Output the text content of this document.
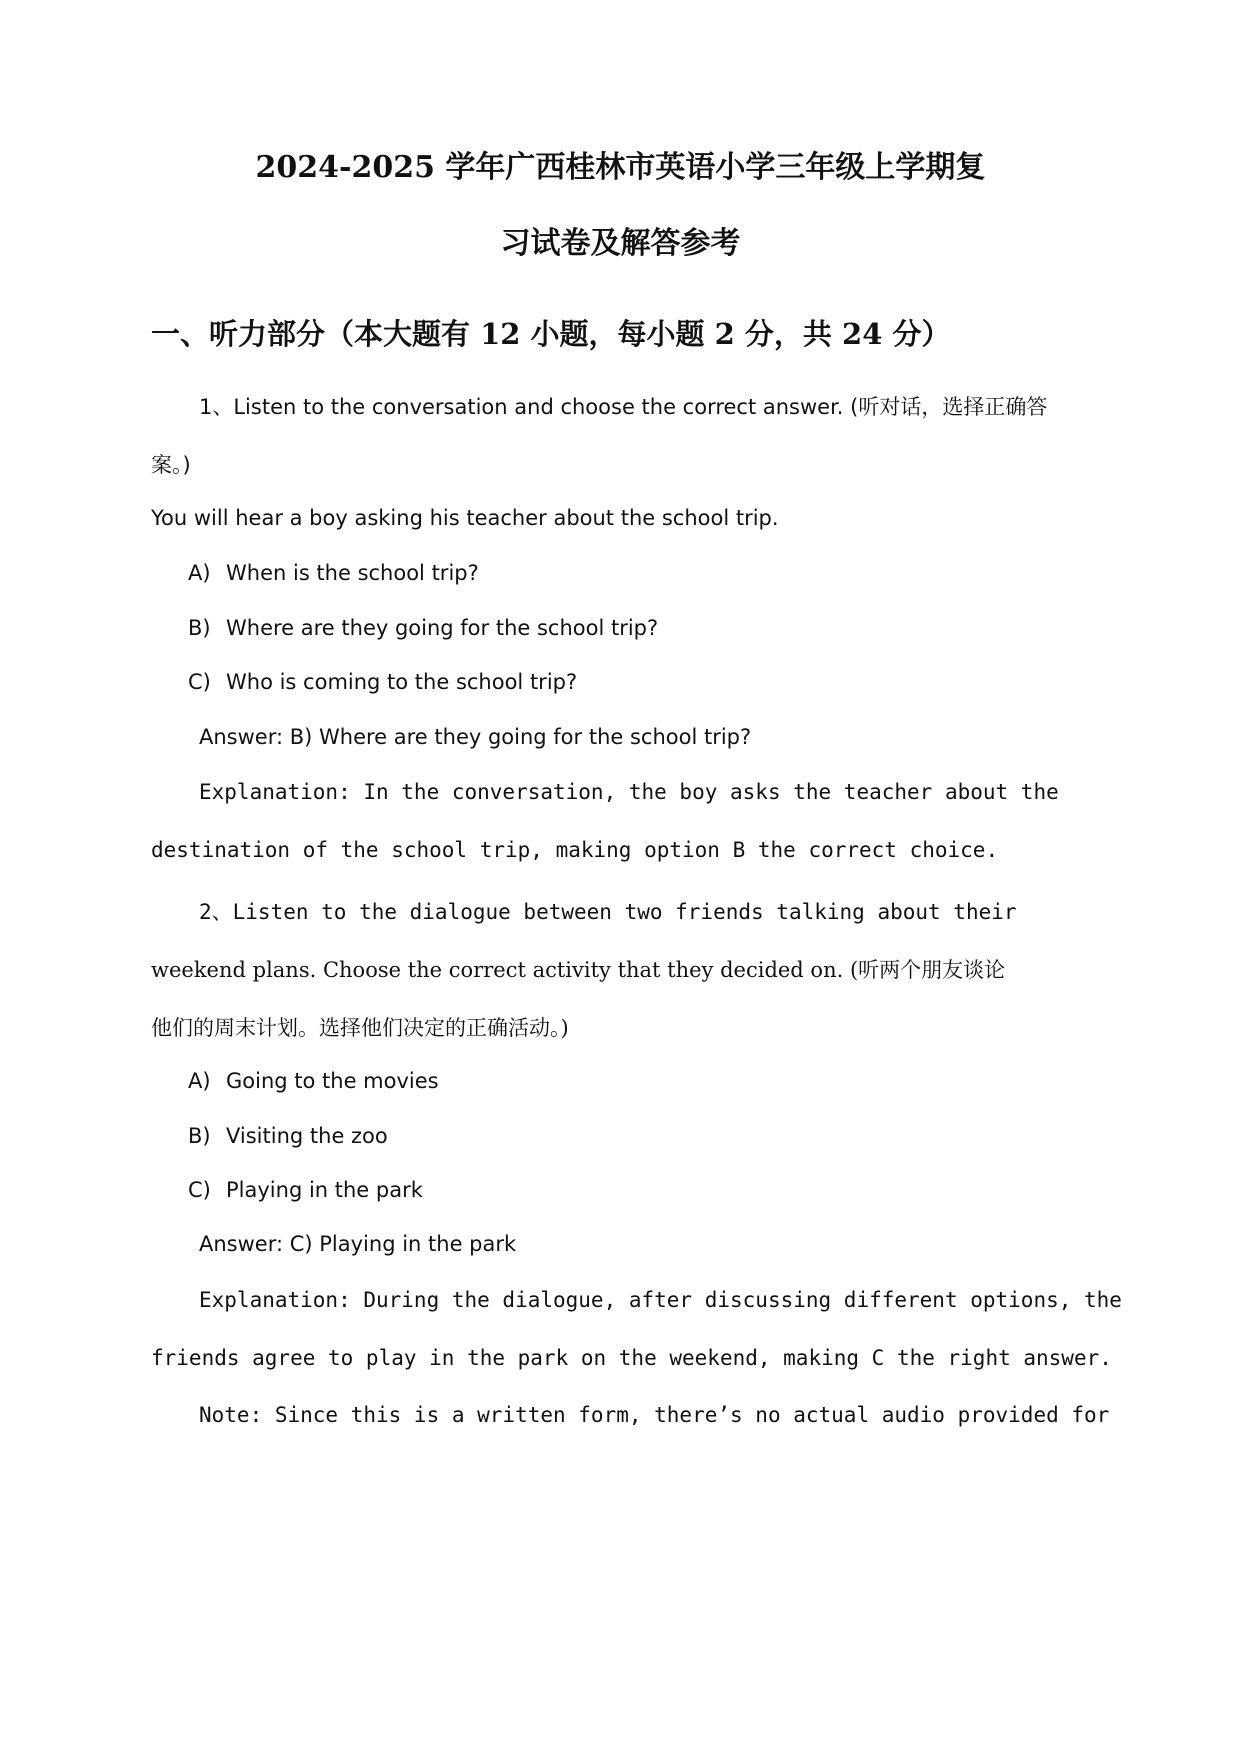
2024-2025 学年广西桂林市英语小学三年级上学期复
习试卷及解答参考
一、听力部分（本大题有 12 小题，每小题 2 分，共 24 分）
1、Listen to the conversation and choose the correct answer. (听对话，选择正确答
案。)
You will hear a boy asking his teacher about the school trip.
A) When is the school trip?
B) Where are they going for the school trip?
C) Who is coming to the school trip?
Answer: B) Where are they going for the school trip?
Explanation: In the conversation, the boy asks the teacher about the
destination of the school trip, making option B the correct choice.
2、Listen to the dialogue between two friends talking about their
weekend plans. Choose the correct activity that they decided on. (听两个朋友谈论
他们的周末计划。选择他们决定的正确活动。)
A) Going to the movies
B) Visiting the zoo
C) Playing in the park
Answer: C) Playing in the park
Explanation: During the dialogue, after discussing different options, the
friends agree to play in the park on the weekend, making C the right answer.
Note: Since this is a written form, there’s no actual audio provided for
